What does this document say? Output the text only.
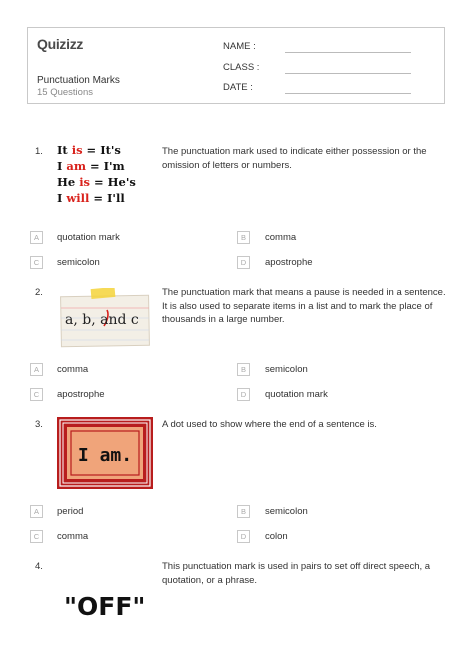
Quizizz
Punctuation Marks
15 Questions
NAME :
CLASS :
DATE :
1. It is = It's
I am = I'm
He is = He's
I will = I'll
The punctuation mark used to indicate either possession or the omission of letters or numbers.
A	quotation mark	B	comma
C	semicolon	D	apostrophe
2.
a, b, and c
The punctuation mark that means a pause is needed in a sentence. It is also used to separate items in a list and to mark the place of thousands in a large number.
A	comma	B	semicolon
C	apostrophe	D	quotation mark
3.
I am.
A dot used to show where the end of a sentence is.
A	period	B	semicolon
C	comma	D	colon
4.
"OFF"
This punctuation mark is used in pairs to set off direct speech, a quotation, or a phrase.
